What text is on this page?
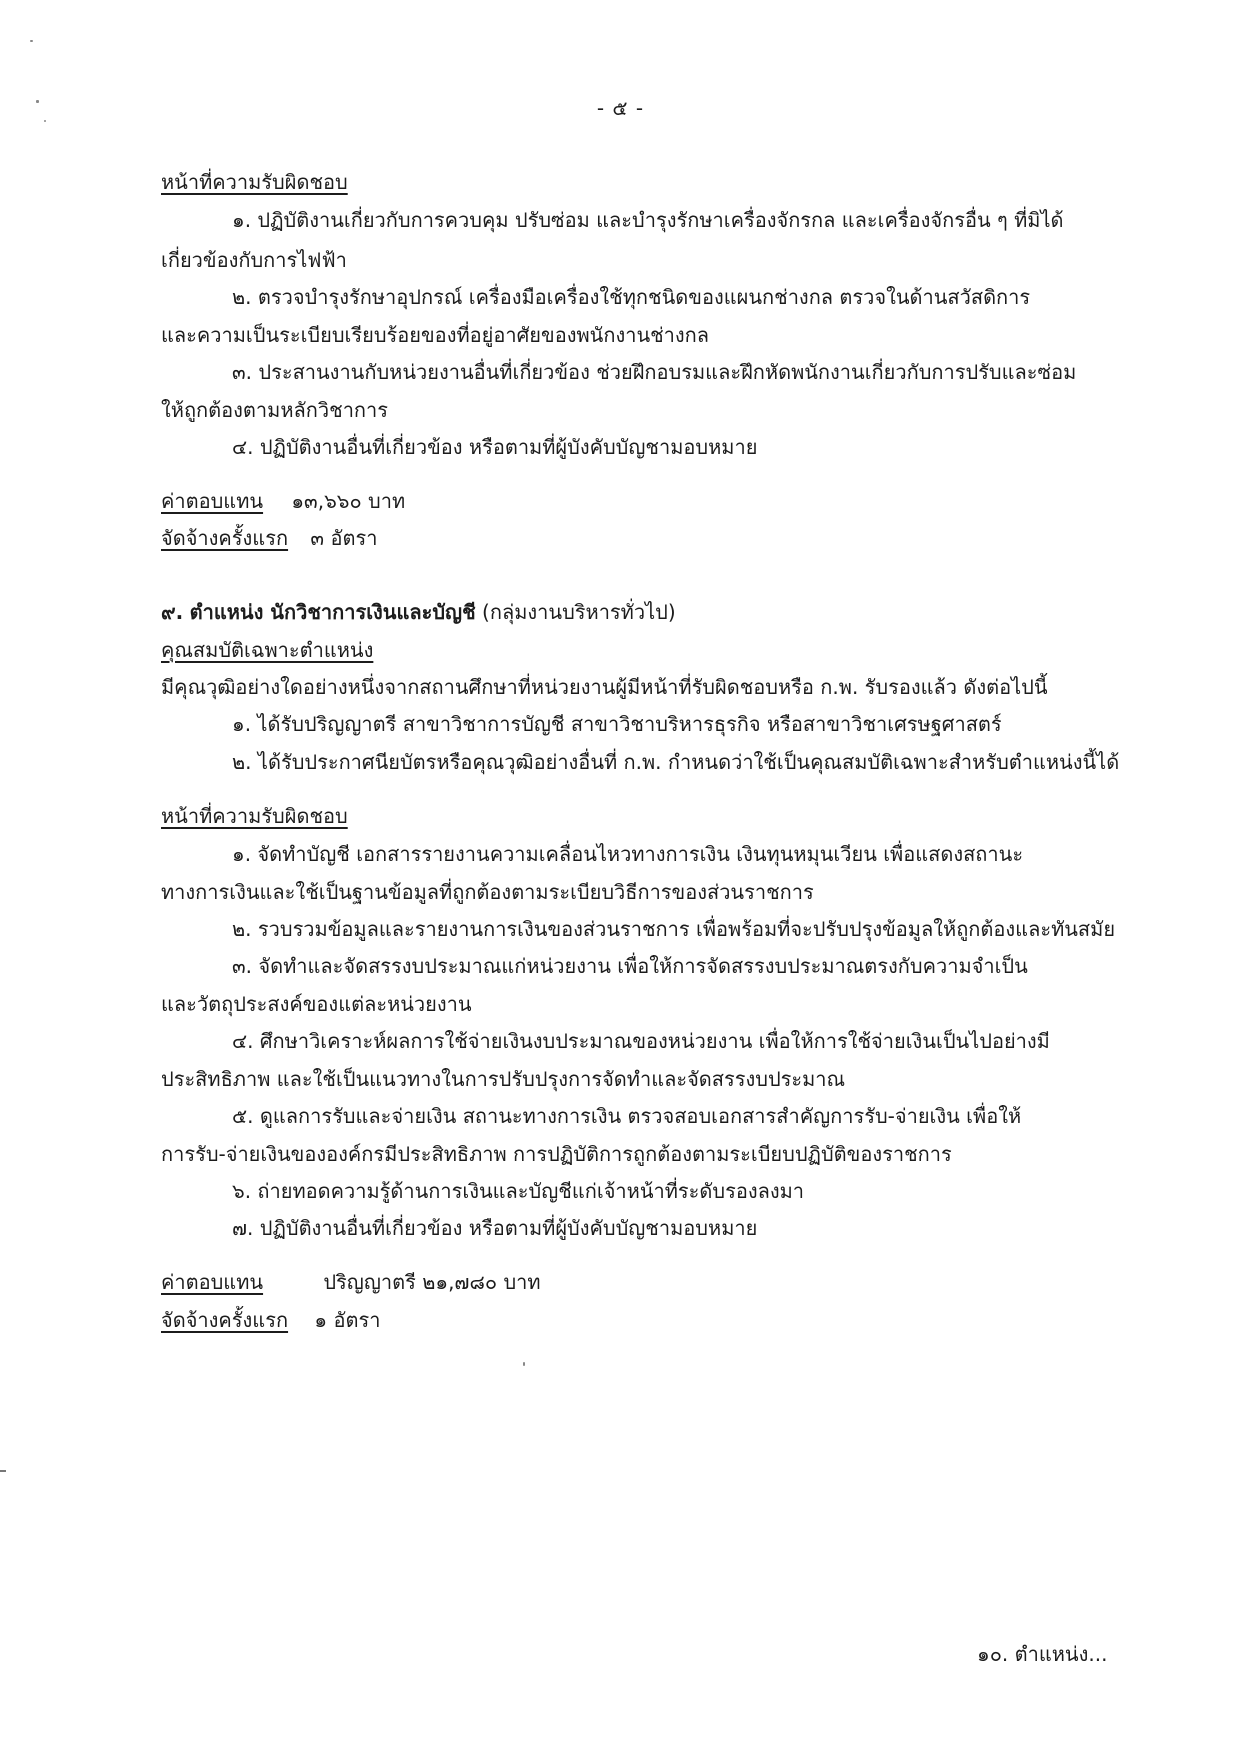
- ๕ -
หน้าที่ความรับผิดชอบ
๑. ปฏิบัติงานเกี่ยวกับการควบคุม ปรับซ่อม และบำรุงรักษาเครื่องจักรกล และเครื่องจักรอื่น ๆ ที่มิได้
เกี่ยวข้องกับการไฟฟ้า
๒. ตรวจบำรุงรักษาอุปกรณ์ เครื่องมือเครื่องใช้ทุกชนิดของแผนกช่างกล ตรวจในด้านสวัสดิการ
และความเป็นระเบียบเรียบร้อยของที่อยู่อาศัยของพนักงานช่างกล
๓. ประสานงานกับหน่วยงานอื่นที่เกี่ยวข้อง ช่วยฝึกอบรมและฝึกหัดพนักงานเกี่ยวกับการปรับและซ่อม
ให้ถูกต้องตามหลักวิชาการ
๔. ปฏิบัติงานอื่นที่เกี่ยวข้อง หรือตามที่ผู้บังคับบัญชามอบหมาย
ค่าตอบแทน ๑๓,๖๖๐ บาท
จัดจ้างครั้งแรก ๓ อัตรา
๙. ตำแหน่ง นักวิชาการเงินและบัญชี (กลุ่มงานบริหารทั่วไป)
คุณสมบัติเฉพาะตำแหน่ง
มีคุณวุฒิอย่างใดอย่างหนึ่งจากสถานศึกษาที่หน่วยงานผู้มีหน้าที่รับผิดชอบหรือ ก.พ. รับรองแล้ว ดังต่อไปนี้
๑. ได้รับปริญญาตรี สาขาวิชาการบัญชี สาขาวิชาบริหารธุรกิจ หรือสาขาวิชาเศรษฐศาสตร์
๒. ได้รับประกาศนียบัตรหรือคุณวุฒิอย่างอื่นที่ ก.พ. กำหนดว่าใช้เป็นคุณสมบัติเฉพาะสำหรับตำแหน่งนี้ได้
หน้าที่ความรับผิดชอบ
๑. จัดทำบัญชี เอกสารรายงานความเคลื่อนไหวทางการเงิน เงินทุนหมุนเวียน เพื่อแสดงสถานะ
ทางการเงินและใช้เป็นฐานข้อมูลที่ถูกต้องตามระเบียบวิธีการของส่วนราชการ
๒. รวบรวมข้อมูลและรายงานการเงินของส่วนราชการ เพื่อพร้อมที่จะปรับปรุงข้อมูลให้ถูกต้องและทันสมัย
๓. จัดทำและจัดสรรงบประมาณแก่หน่วยงาน เพื่อให้การจัดสรรงบประมาณตรงกับความจำเป็น
และวัตถุประสงค์ของแต่ละหน่วยงาน
๔. ศึกษาวิเคราะห์ผลการใช้จ่ายเงินงบประมาณของหน่วยงาน เพื่อให้การใช้จ่ายเงินเป็นไปอย่างมี
ประสิทธิภาพ และใช้เป็นแนวทางในการปรับปรุงการจัดทำและจัดสรรงบประมาณ
๕. ดูแลการรับและจ่ายเงิน สถานะทางการเงิน ตรวจสอบเอกสารสำคัญการรับ-จ่ายเงิน เพื่อให้
การรับ-จ่ายเงินขององค์กรมีประสิทธิภาพ การปฏิบัติการถูกต้องตามระเบียบปฏิบัติของราชการ
๖. ถ่ายทอดความรู้ด้านการเงินและบัญชีแก่เจ้าหน้าที่ระดับรองลงมา
๗. ปฏิบัติงานอื่นที่เกี่ยวข้อง หรือตามที่ผู้บังคับบัญชามอบหมาย
ค่าตอบแทน	ปริญญาตรี ๒๑,๗๘๐ บาท
จัดจ้างครั้งแรก ๑ อัตรา
๑๐. ตำแหน่ง...
